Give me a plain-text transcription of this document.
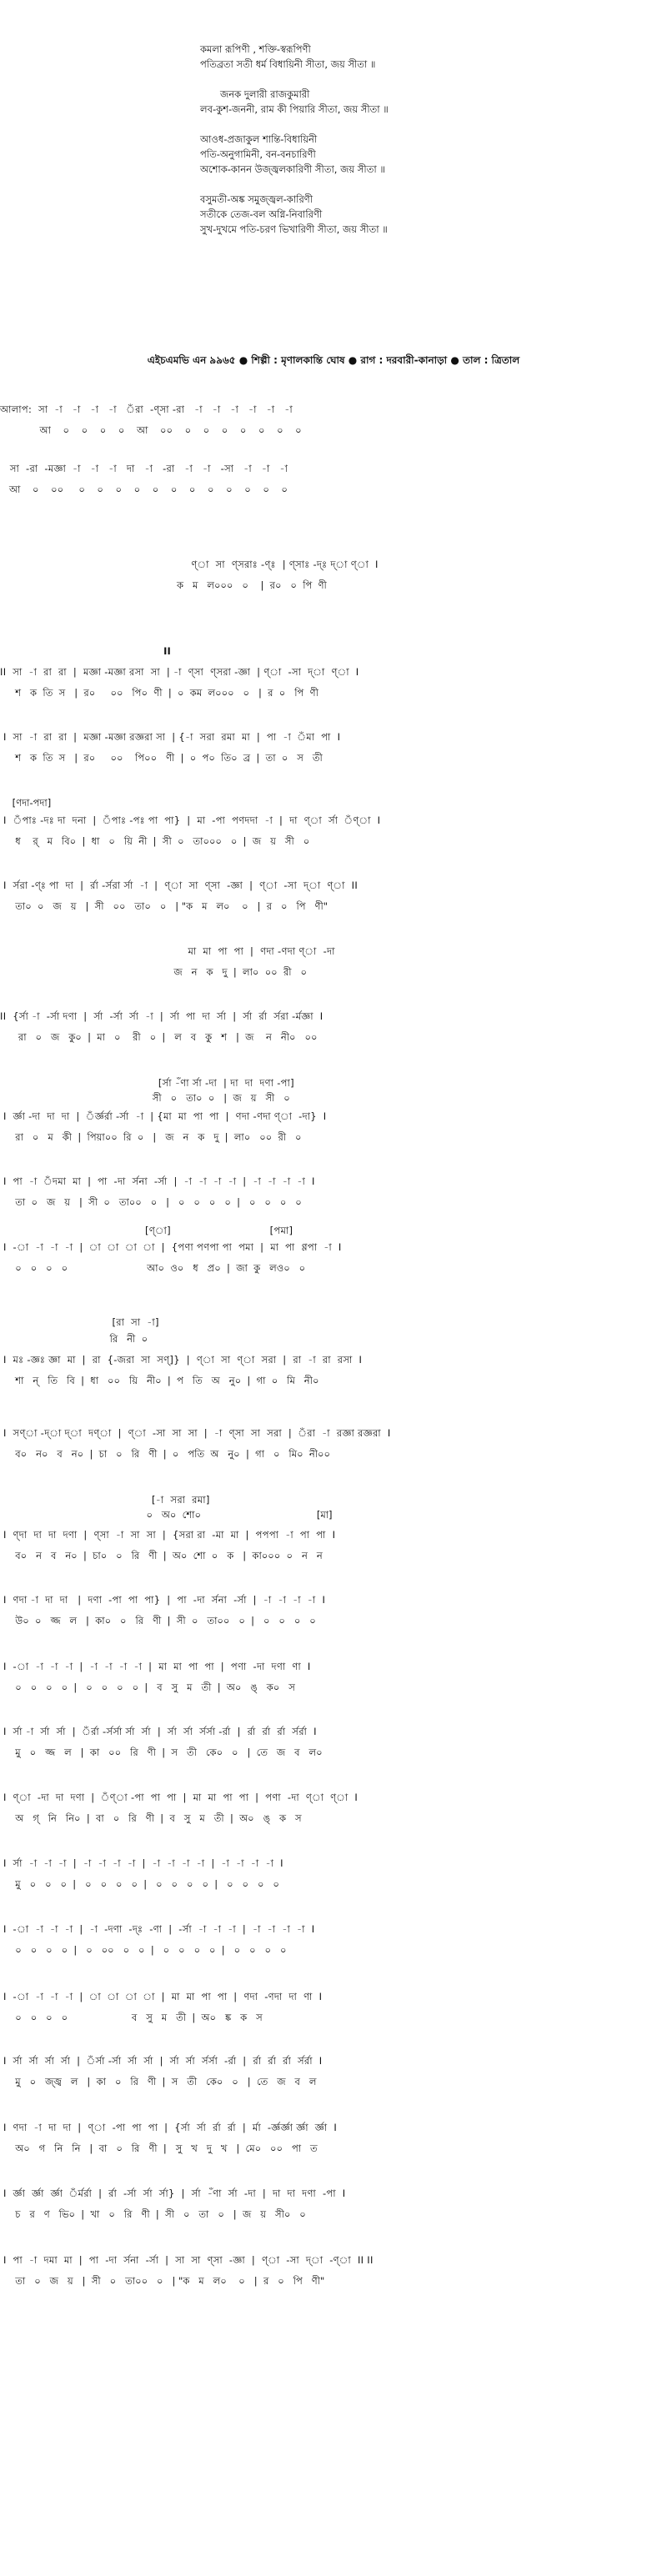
কমলা রূপিণী , শক্তি-স্বরূপিণী
পতিব্রতা সতী ধর্ম বিধায়িনী সীতা, জয় সীতা ॥
জনক দুলারী রাজকুমারী
লব-কুশ-জননী, রাম কী পিয়ারি সীতা, জয় সীতা ॥
আওধ-প্রজাকুল শান্তি-বিধায়িনী
পতি-অনুগামিনী, বন-বনচারিণী
অশোক-কানন উজ্জ্বলকারিণী সীতা, জয় সীতা ॥
বসুমতী-অঙ্ক সমুজ্জ্বল-কারিণী
সতীকে তেজ-বল অগ্নি-নিবারিণী
সুখ-দুখমে পতি-চরণ ভিখারিণী সীতা, জয় সীতা ॥
এইচএমভি এন ৯৯৬৫ ● শিল্পী : মৃণালকান্তি ঘোষ ● রাগ : দরবারী-কানাড়া ● তাল : ত্রিতাল
আলাপ:  সা  -া   -া   -া   -া   ঁরা  -ণ্সা -রা   -া   -া   -া   -া   -া   -া
আ    ০    ০    ০    ০    আ    ০০    ০    ০    ০    ০    ০    ০    ০
সা  -রা  -মজ্ঞা  -া   -া   -া   দা   -া   -রা   -া   -া   -সা   -া   -া   -া
আ    ০    ০০     ০    ০    ০    ০    ০    ০    ০    ০    ০    ০    ০    ০
ণ্া  সা  ণ্সরাঃ -ণ্ঃ  | ণ্সাঃ -দ্ঃ দ্া ণ্া  I
ক   ম   ল০০০   ০    |  র০   ০  পি  ণী
II
II  সা  -া  রা  রা  |  মজ্ঞা -মজ্ঞা রসা  সা  | -া  ণ্সা  ণ্সরা -জ্ঞা  | ণ্া  -সা  দ্া  ণ্া  I
শ   ক  তি  স   |  র০     ০০   পি০  ণী  |  ০  কম  ল০০০   ০   |  র  ০   পি  ণী
I  সা  -া  রা  রা  |  মজ্ঞা -মজ্ঞা রজ্ঞরা সা  | {-া  সরা  রমা  মা  |  পা  -া  ঁমা  পা  I
শ   ক  তি  স   |  র০     ০০    পি০০   ণী  |  ০  প০  তি০  ব্র  |  তা  ০   স   তী
[ণদা-পদা]
I  ঁপাঃ -দঃ দা  দনা  |  ঁপাঃ -পঃ পা  পা}  |  মা  -পা  পণদদা  -া  |  দা  ণ্া  র্সা  ঁণ্া  I
ধ    র্   ম   বি০  |  ধা   ০   য়ি  নী  |  সী  ০   তা০০০   ০  |  জ   য়   সী   ০
I  র্সরা -ণ্ঃ পা  দা  |  র্রা -র্সরা র্সা  -া  |  ণ্া  সা  ণ্সা  -জ্ঞা  |  ণ্া  -সা  দ্া  ণ্া  II
তা০  ০   জ   য়   |  সী   ০০   তা০   ০   | "ক   ম   ল০    ০   |  র   ০   পি   ণী"
মা  মা  পা  পা  |  ণদা -ণদা ণ্া  -দা
জ   ন   ক   দু  |  লা০  ০০  রী   ০
II  {র্সা -া  -র্সা দণা  |  র্সা  -র্সা  র্সা  -া  |  র্সা  পা  দা  র্সা  |  র্সা  র্রা  র্সরা -র্মজ্ঞা  I
রা   ০   জ   কু০  |  মা   ০    রী   ০  |   ল   ব   কু   শ   |  জ    ন   নী০   ০০
[র্সা -ঁণা র্সা -দা  | দা  দা  দণা -পা]
সী   ০   তা০  ০   |  জ   য়   সী   ০
I  র্জ্ঞা -দা  দা  দা  |  ঁর্জ্ঞর্রা -র্সা  -া  | {মা  মা  পা  পা  |  ণদা -ণদা ণ্া  -দা}  I
রা   ০   ম   কী  |  পিয়া০০  রি  ০   |   জ   ন   ক   দু  |  লা০   ০০  রী   ০
I  পা  -া  ঁদমা  মা  |  পা  -দা  র্সনা  -র্সা  |  -া  -া  -া  -া  |  -া  -া  -া  -া  I
তা  ০   জ   য়   |  সী  ০   তা০০   ০   |   ০   ০   ০   ০  |   ০   ০   ০   ০
[ণ্া]                              [পমা]
I  -া  -া  -া  -া  |  া  া  া  া  |  {পণা পণপা পা  পমা  |  মা  পা  ণ্ণপা  -া  I
০   ০   ০   ০                          আ০  ও০   ধ   প্র০  |  জা  কু   লও০   ০
[রা  সা  -া]
রি   নী  ০
I  মঃ -জ্ঞঃ জ্ঞা  মা  |  রা  {-জরা  সা  সণ্]}  |  ণ্া  সা  ণ্া  সরা  |  রা  -া  রা  রসা  I
শা   ন্‌   তি   বি  |  ধা   ০০   য়ি   নী০  |  প   তি   অ   নু০  |  গা  ০   মি   নী০
I  সণ্া -দ্া দ্া  দণ্া  |  ণ্া  -সা  সা  সা  |  -া  ণ্সা  সা  সরা  |  ঁরা  -া  রজ্ঞা রজ্ঞরা  I
ব০   ন০   ব   ন০  |  চা   ০   রি   ণী  |  ০   পতি  অ   নু০  |  গা   ০   মি০  নী০০
[-া  সরা  রমা]
০   অ০  শো০                                      [মা]
I  ণ্দা  দা  দা  দণা  |  ণ্সা  -া  সা  সা  |  {সরা রা  -মা  মা  |  পপপা  -া  পা  পা  I
ব০   ন   ব   ন০  |  চা০   ০   রি   ণী  |  অ০  শো  ০   ক   |  কা০০০  ০   ন   ন
I  ণদা -া  দা  দা   |  দণা  -পা  পা  পা}  |  পা  -দা  র্সনা  -র্সা  |  -া  -া  -া  -া  I
উ০  ০   জ্জ   ল   |  কা০   ০   রি   ণী  |  সী  ০   তা০০   ০  |   ০   ০   ০   ০
I  -া  -া  -া  -া  |  -া  -া  -া  -া  |  মা  মা  পা  পা  |  পণা  -দা  দণা  ণা  I
০   ০   ০   ০  |   ০   ০   ০   ০  |   ব   সু   ম   তী  |  অ০   ঙ্‌   ক০   স
I  র্সা -া  র্সা  র্সা  |  ঁর্রা -র্সর্সা র্সা  র্সা  |  র্সা  র্সা  র্সর্সা -র্রা  |  র্রা  র্রা  র্রা  র্সর্রা  I
মু   ০   জ্জ   ল   |  কা   ০০   রি   ণী  |  স   তী   কে০   ০   |  তে   জ   ব   ল০
I  ণ্া  -দা  দা  দণা  |  ঁণ্া -পা  পা  পা  |  মা  মা  পা  পা  |  পণা  -দা  ণ্া  ণ্া  I
অ   গ্‌   নি   নি০  |  বা   ০   রি   ণী  |  ব   সু   ম   তী  |  অ০   ঙ্‌   ক   স
I  র্সা  -া  -া  -া  |  -া  -া  -া  -া  |  -া  -া  -া  -া  |  -া  -া  -া  -া  I
মু   ০   ০   ০  |   ০   ০   ০   ০  |   ০   ০   ০   ০  |   ০   ০   ০   ০
I  -া  -া  -া  -া  |  -া  -দণা  -দ্ঃ  -ণা  |  -র্সা  -া  -া  -া  |  -া  -া  -া  -া  I
০   ০   ০   ০  |   ০   ০০   ০   ০  |   ০   ০   ০   ০  |   ০   ০   ০   ০
I  -া  -া  -া  -া  |  া  া  া  া  |  মা  মা  পা  পা  |  ণদা  -ণদা  দা  ণা  I
০   ০   ০   ০                     ব   সু   ম   তী  |  অ০   ঙ্ক   ক   স
I  র্সা  র্সা  র্সা  র্সা  |  ঁর্সা -র্সা  র্সা  র্সা  |  র্সা  র্সা  র্সর্সা  -র্রা  |  র্রা  র্রা  র্রা  র্সর্রা  I
মু   ০   জ্জ্ব   ল   |  কা   ০   রি   ণী  |  স   তী   কে০   ০   |  তে   জ   ব   ল
I  ণদা  -া  দা  দা  |  ণ্া  -পা  পা  পা  |  {র্সা  র্সা  র্রা  র্রা  |  র্মা  -র্জ্ঞর্জ্ঞা র্জ্ঞা  র্জ্ঞা  I
অ০   গ   নি   নি   |  বা   ০   রি   ণী  |   সু   খ   দু   খ   |  মে০   ০০   পা   ত
I  র্জ্ঞা  র্জ্ঞা  র্জ্ঞা  ঁর্মর্রা  |  র্রা  -র্সা  র্সা  র্সা}  |  র্সা  -ঁণা  র্সা  -দা  |  দা  দা  দণা  -পা  I
চ   র   ণ   ভি০  |  খা   ০   রি   ণী  |  সী   ০   তা   ০   |  জ   য়   সী০   ০
I  পা  -া  দমা  মা  |  পা  -দা  র্সনা  -র্সা  |  সা  সা  ণ্সা  -জ্ঞা  |  ণ্া  -সা  দ্া  -ণ্া  II II
তা   ০   জ   য়   |  সী   ০   তা০০   ০   | "ক   ম   ল০    ০   |  র   ০   পি   ণী"
